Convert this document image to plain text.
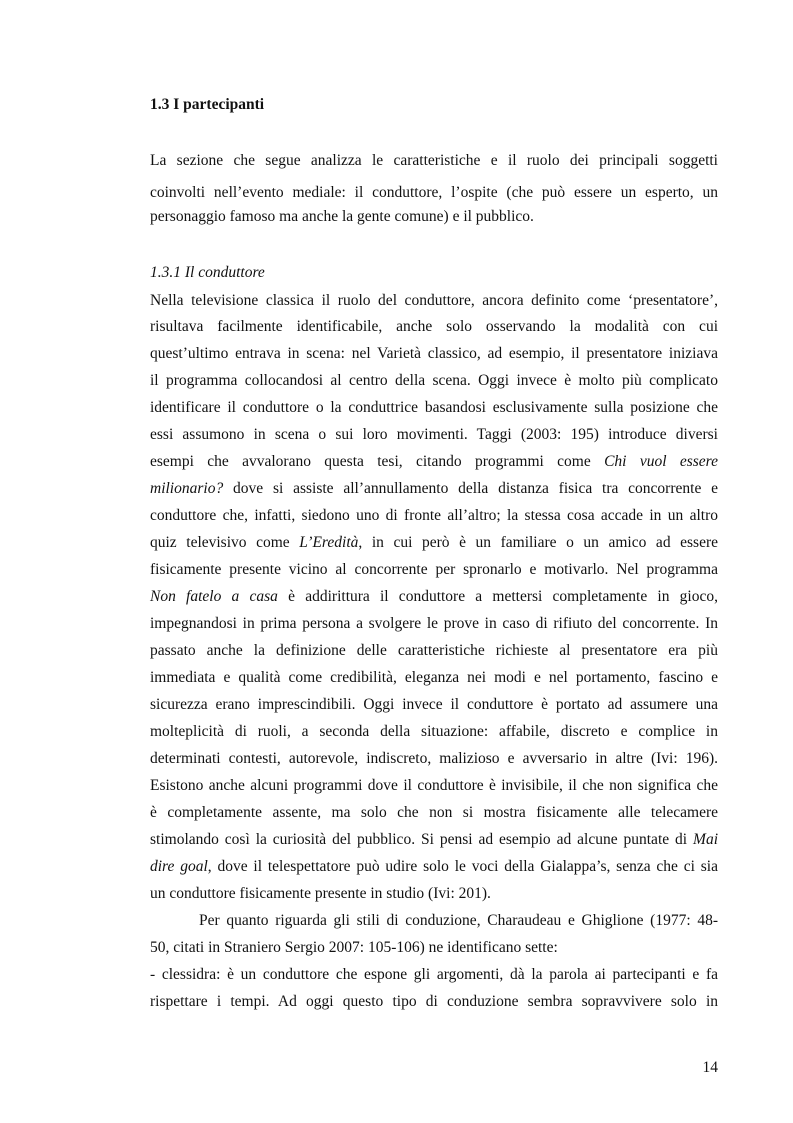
1.3 I partecipanti
La sezione che segue analizza le caratteristiche e il ruolo dei principali soggetti
coinvolti nell’evento mediale: il conduttore, l’ospite (che può essere un esperto, un
personaggio famoso ma anche la gente comune) e il pubblico.
1.3.1 Il conduttore
Nella televisione classica il ruolo del conduttore, ancora definito come ‘presentatore’,
risultava facilmente identificabile, anche solo osservando la modalità con cui
quest’ultimo entrava in scena: nel Varietà classico, ad esempio, il presentatore iniziava
il programma collocandosi al centro della scena. Oggi invece è molto più complicato
identificare il conduttore o la conduttrice basandosi esclusivamente sulla posizione che
essi assumono in scena o sui loro movimenti. Taggi (2003: 195) introduce diversi
esempi che avvalorano questa tesi, citando programmi come Chi vuol essere
milionario? dove si assiste all’annullamento della distanza fisica tra concorrente e
conduttore che, infatti, siedono uno di fronte all’altro; la stessa cosa accade in un altro
quiz televisivo come L’Eredità, in cui però è un familiare o un amico ad essere
fisicamente presente vicino al concorrente per spronarlo e motivarlo. Nel programma
Non fatelo a casa è addirittura il conduttore a mettersi completamente in gioco,
impegnandosi in prima persona a svolgere le prove in caso di rifiuto del concorrente. In
passato anche la definizione delle caratteristiche richieste al presentatore era più
immediata e qualità come credibilità, eleganza nei modi e nel portamento, fascino e
sicurezza erano imprescindibili. Oggi invece il conduttore è portato ad assumere una
molteplicità di ruoli, a seconda della situazione: affabile, discreto e complice in
determinati contesti, autorevole, indiscreto, malizioso e avversario in altre (Ivi: 196).
Esistono anche alcuni programmi dove il conduttore è invisibile, il che non significa che
è completamente assente, ma solo che non si mostra fisicamente alle telecamere
stimolando così la curiosità del pubblico. Si pensi ad esempio ad alcune puntate di Mai
dire goal, dove il telespettatore può udire solo le voci della Gialappa’s, senza che ci sia
un conduttore fisicamente presente in studio (Ivi: 201).
Per quanto riguarda gli stili di conduzione, Charaudeau e Ghiglione (1977: 48-
50, citati in Straniero Sergio 2007: 105-106) ne identificano sette:
- clessidra: è un conduttore che espone gli argomenti, dà la parola ai partecipanti e fa
rispettare i tempi. Ad oggi questo tipo di conduzione sembra sopravvivere solo in
14
